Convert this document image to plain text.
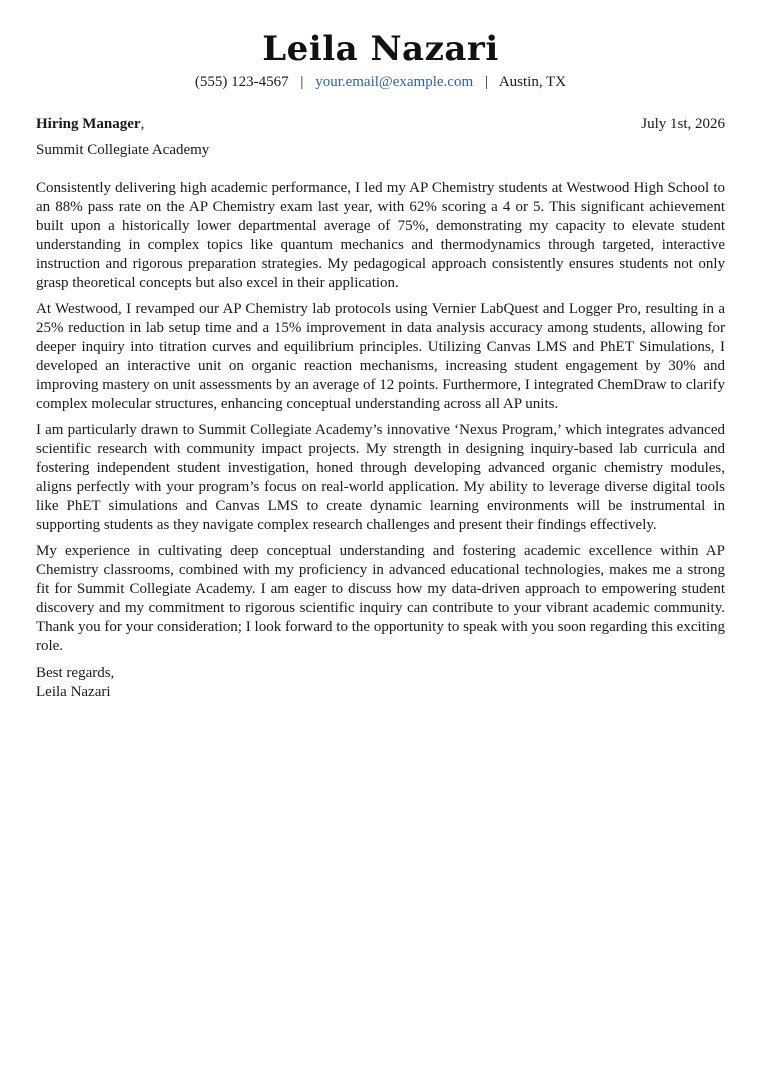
Leila Nazari
(555) 123-4567 | your.email@example.com | Austin, TX
Hiring Manager,	July 1st, 2026
Summit Collegiate Academy

Consistently delivering high academic performance, I led my AP Chemistry students at Westwood High School to an 88% pass rate on the AP Chemistry exam last year, with 62% scoring a 4 or 5. This significant achievement built upon a historically lower departmental average of 75%, demonstrating my capacity to elevate student understanding in complex topics like quantum mechanics and thermodynamics through targeted, interactive instruction and rigorous preparation strategies. My pedagogical approach consistently ensures students not only grasp theoretical concepts but also excel in their application.

At Westwood, I revamped our AP Chemistry lab protocols using Vernier LabQuest and Logger Pro, resulting in a 25% reduction in lab setup time and a 15% improvement in data analysis accuracy among students, allowing for deeper inquiry into titration curves and equilibrium principles. Utilizing Canvas LMS and PhET Simulations, I developed an interactive unit on organic reaction mechanisms, increasing student engagement by 30% and improving mastery on unit assessments by an average of 12 points. Furthermore, I integrated ChemDraw to clarify complex molecular structures, enhancing conceptual understanding across all AP units.

I am particularly drawn to Summit Collegiate Academy’s innovative ‘Nexus Program,’ which integrates advanced scientific research with community impact projects. My strength in designing inquiry-based lab curricula and fostering independent student investigation, honed through developing advanced organic chemistry modules, aligns perfectly with your program’s focus on real-world application. My ability to leverage diverse digital tools like PhET simulations and Canvas LMS to create dynamic learning environments will be instrumental in supporting students as they navigate complex research challenges and present their findings effectively.

My experience in cultivating deep conceptual understanding and fostering academic excellence within AP Chemistry classrooms, combined with my proficiency in advanced educational technologies, makes me a strong fit for Summit Collegiate Academy. I am eager to discuss how my data-driven approach to empowering student discovery and my commitment to rigorous scientific inquiry can contribute to your vibrant academic community. Thank you for your consideration; I look forward to the opportunity to speak with you soon regarding this exciting role.

Best regards,
Leila Nazari
